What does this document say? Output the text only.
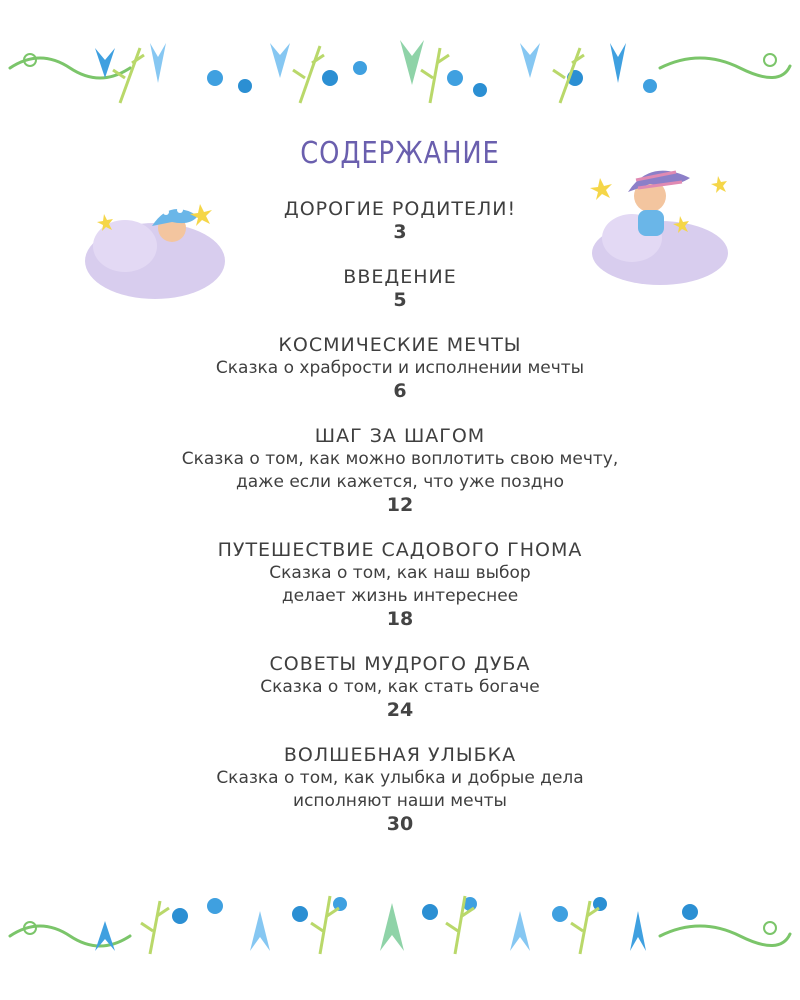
СОДЕРЖАНИЕ
ДОРОГИЕ РОДИТЕЛИ!
3
ВВЕДЕНИЕ
5
КОСМИЧЕСКИЕ МЕЧТЫ
Сказка о храбрости и исполнении мечты
6
ШАГ ЗА ШАГОМ
Сказка о том, как можно воплотить свою мечту,
даже если кажется, что уже поздно
12
ПУТЕШЕСТВИЕ САДОВОГО ГНОМА
Сказка о том, как наш выбор
делает жизнь интереснее
18
СОВЕТЫ МУДРОГО ДУБА
Сказка о том, как стать богаче
24
ВОЛШЕБНАЯ УЛЫБКА
Сказка о том, как улыбка и добрые дела
исполняют наши мечты
30
